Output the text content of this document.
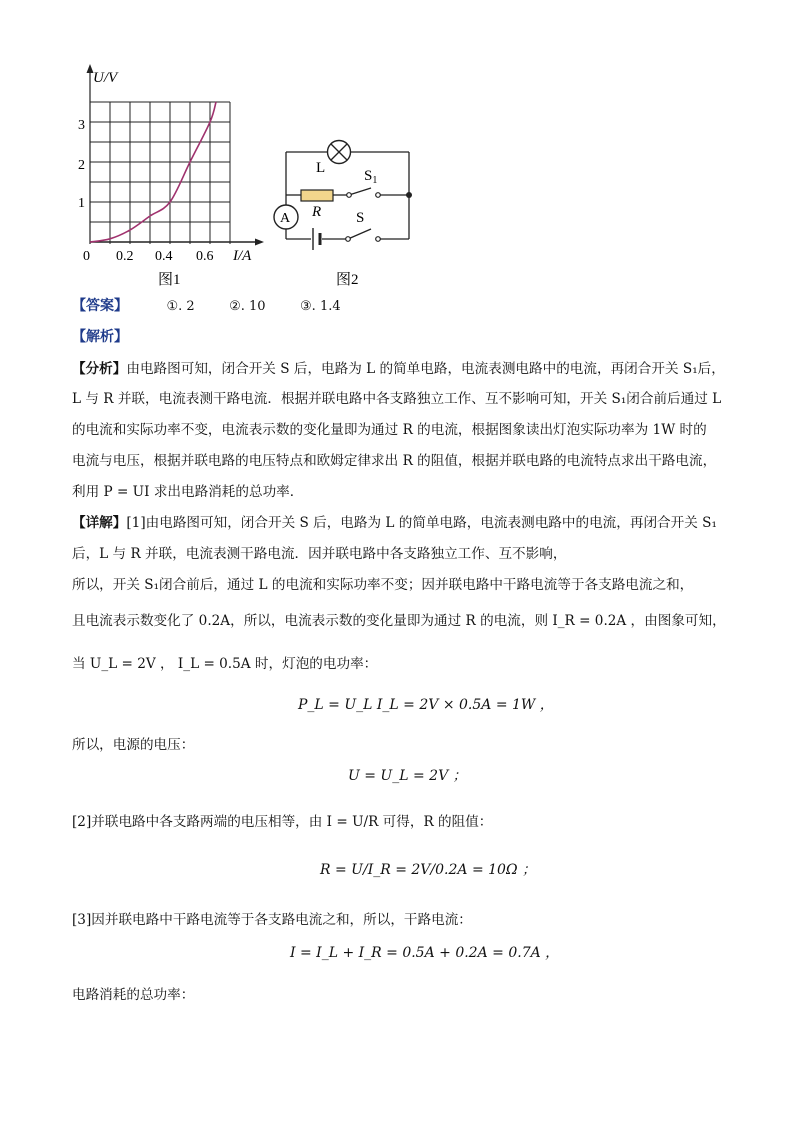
U/V
1
2
3
0 0.2 0.4 0.6 I/A
图1
L
R
$S_1$
A	S
图2
【答案】	①. 2	②. 10	③. 1.4
【解析】
【分析】由电路图可知，闭合开关 S 后，电路为 L 的简单电路，电流表测电路中的电流，再闭合开关 S₁后，
L 与 R 并联，电流表测干路电流．根据并联电路中各支路独立工作、互不影响可知，开关 S₁闭合前后通过 L
的电流和实际功率不变，电流表示数的变化量即为通过 R 的电流，根据图象读出灯泡实际功率为 1W 时的
电流与电压，根据并联电路的电压特点和欧姆定律求出 R 的阻值，根据并联电路的电流特点求出干路电流，
利用 P = UI 求出电路消耗的总功率．
【详解】[1]由电路图可知，闭合开关 S 后，电路为 L 的简单电路，电流表测电路中的电流，再闭合开关 S₁
后，L 与 R 并联，电流表测干路电流．因并联电路中各支路独立工作、互不影响，
所以，开关 S₁闭合前后，通过 L 的电流和实际功率不变；因并联电路中干路电流等于各支路电流之和，
且电流表示数变化了 0.2A，所以，电流表示数的变化量即为通过 R 的电流，则 I_R = 0.2A ，由图象可知，
当 U_L = 2V ， I_L = 0.5A 时，灯泡的电功率：
P_L = U_L I_L = 2V × 0.5A = 1W ，
所以，电源的电压：
U = U_L = 2V ；
[2]并联电路中各支路两端的电压相等，由 I = U/R 可得，R 的阻值：
R = U/I_R = 2V/0.2A = 10Ω ；
[3]因并联电路中干路电流等于各支路电流之和，所以，干路电流：
I = I_L + I_R = 0.5A + 0.2A = 0.7A ，
电路消耗的总功率：
